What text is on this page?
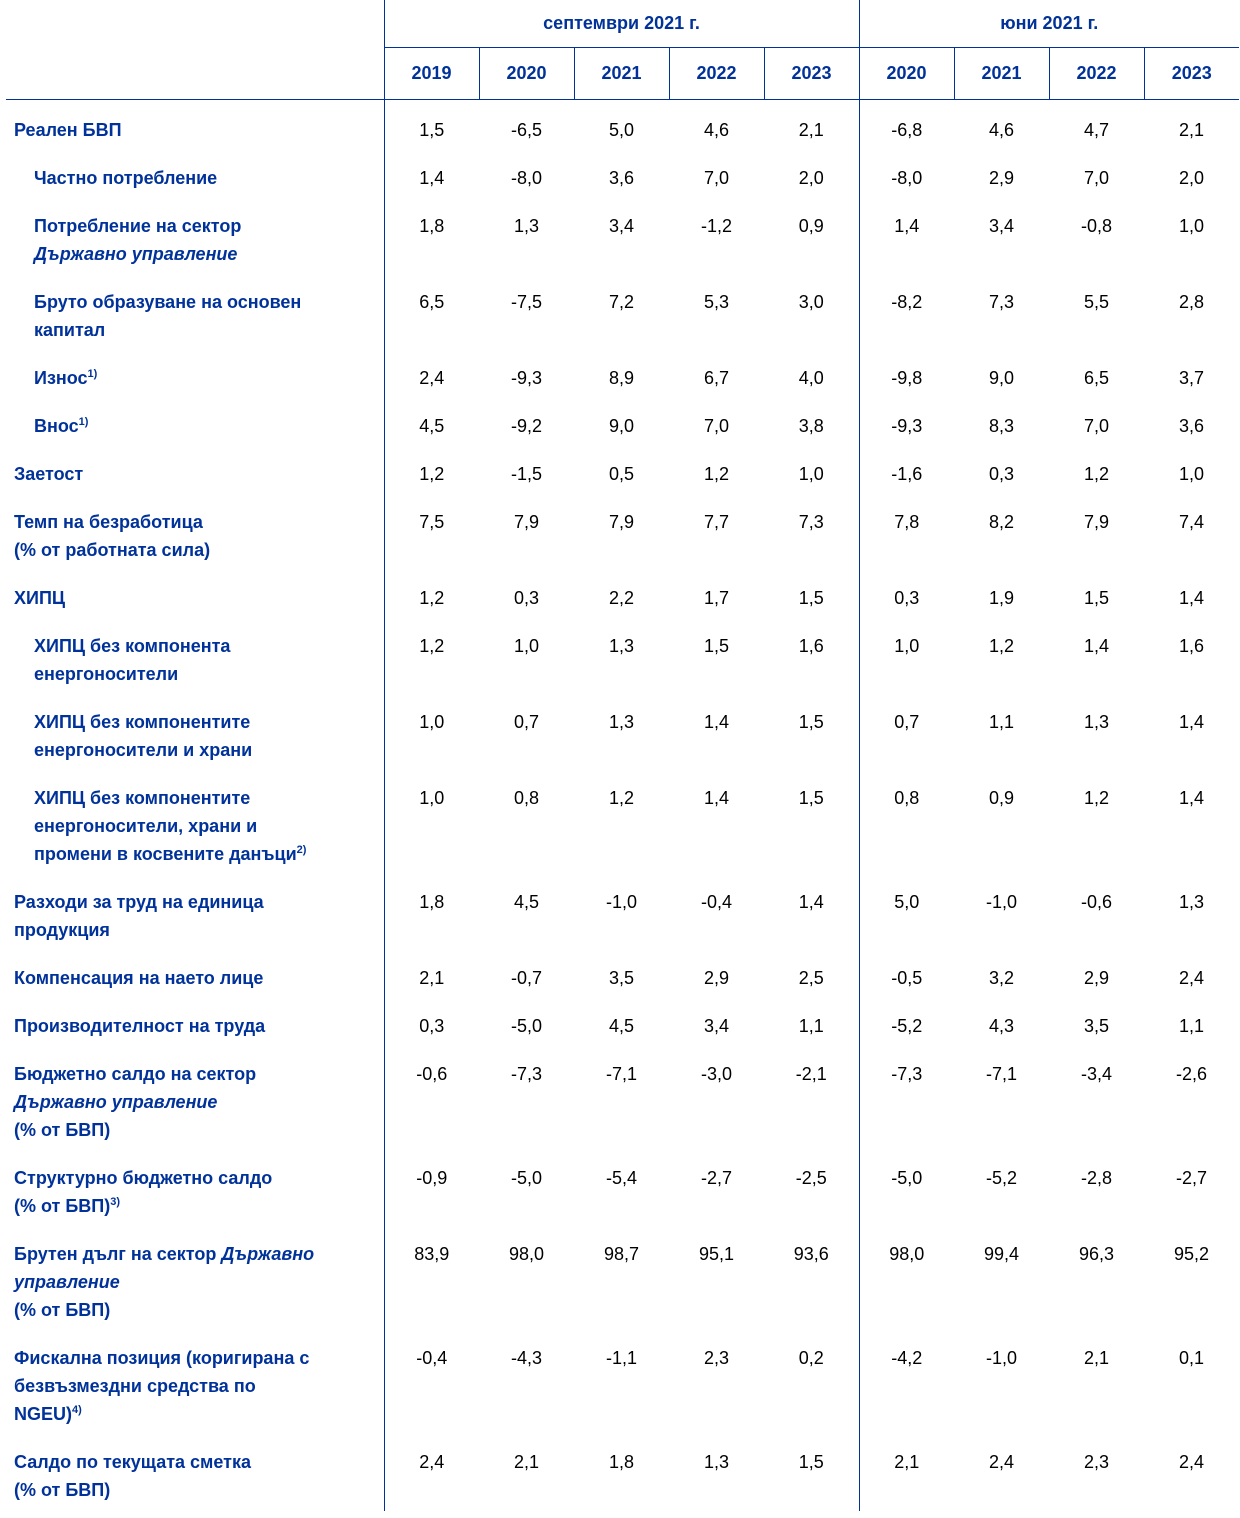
	септември 2021 г.					юни 2021 г.			
	2019	2020	2021	2022	2023	2020	2021	2022	2023
Реален БВП	1,5	-6,5	5,0	4,6	2,1	-6,8	4,6	4,7	2,1
Частно потребление	1,4	-8,0	3,6	7,0	2,0	-8,0	2,9	7,0	2,0
Потребление на сектор
Държавно управление	1,8	1,3	3,4	-1,2	0,9	1,4	3,4	-0,8	1,0
Бруто образуване на основен
капитал	6,5	-7,5	7,2	5,3	3,0	-8,2	7,3	5,5	2,8
Износ$^{1)}$	2,4	-9,3	8,9	6,7	4,0	-9,8	9,0	6,5	3,7
Внос$^{1)}$	4,5	-9,2	9,0	7,0	3,8	-9,3	8,3	7,0	3,6
Заетост	1,2	-1,5	0,5	1,2	1,0	-1,6	0,3	1,2	1,0
Темп на безработица
(% от работната сила)	7,5	7,9	7,9	7,7	7,3	7,8	8,2	7,9	7,4
ХИПЦ	1,2	0,3	2,2	1,7	1,5	0,3	1,9	1,5	1,4
ХИПЦ без компонента
енергоносители	1,2	1,0	1,3	1,5	1,6	1,0	1,2	1,4	1,6
ХИПЦ без компонентите
енергоносители и храни	1,0	0,7	1,3	1,4	1,5	0,7	1,1	1,3	1,4
ХИПЦ без компонентите
енергоносители, храни и
промени в косвените данъци$^{2)}$	1,0	0,8	1,2	1,4	1,5	0,8	0,9	1,2	1,4
Разходи за труд на единица
продукция	1,8	4,5	-1,0	-0,4	1,4	5,0	-1,0	-0,6	1,3
Компенсация на наето лице	2,1	-0,7	3,5	2,9	2,5	-0,5	3,2	2,9	2,4
Производителност на труда	0,3	-5,0	4,5	3,4	1,1	-5,2	4,3	3,5	1,1
Бюджетно салдо на сектор
Държавно управление
(% от БВП)	-0,6	-7,3	-7,1	-3,0	-2,1	-7,3	-7,1	-3,4	-2,6
Структурно бюджетно салдо
(% от БВП)$^{3)}$	-0,9	-5,0	-5,4	-2,7	-2,5	-5,0	-5,2	-2,8	-2,7
Брутен дълг на сектор Държавно
управление
(% от БВП)	83,9	98,0	98,7	95,1	93,6	98,0	99,4	96,3	95,2
Фискална позиция (коригирана с
безвъзмездни средства по
NGEU)$^{4)}$	-0,4	-4,3	-1,1	2,3	0,2	-4,2	-1,0	2,1	0,1
Салдо по текущата сметка
(% от БВП)	2,4	2,1	1,8	1,3	1,5	2,1	2,4	2,3	2,4
